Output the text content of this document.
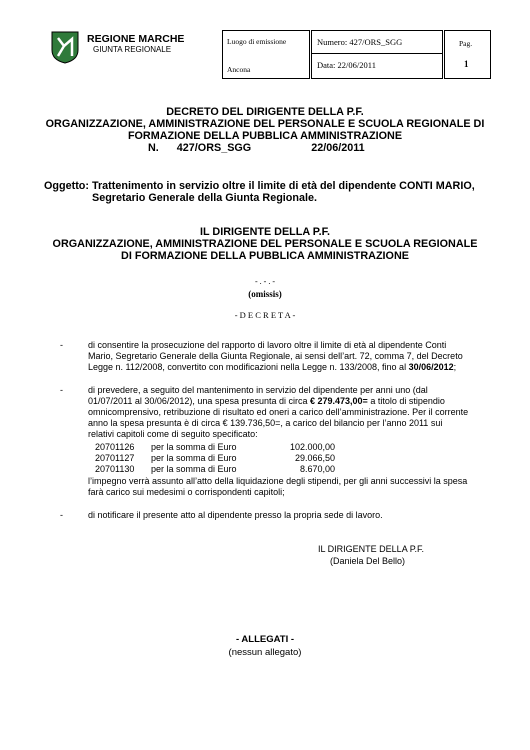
REGIONE MARCHE
GIUNTA REGIONALE
Luogo di emissione
Ancona
Numero: 427/ORS_SGG
Data: 22/06/2011
Pag.
1
DECRETO DEL DIRIGENTE DELLA P.F.
ORGANIZZAZIONE, AMMINISTRAZIONE DEL PERSONALE E SCUOLA REGIONALE DI
FORMAZIONE DELLA PUBBLICA AMMINISTRAZIONE
N.      427/ORS_SGG                    22/06/2011
Oggetto: Trattenimento in servizio oltre il limite di età del dipendente CONTI MARIO,
Segretario Generale della Giunta Regionale.
IL DIRIGENTE DELLA P.F.
ORGANIZZAZIONE, AMMINISTRAZIONE DEL PERSONALE E SCUOLA REGIONALE
DI FORMAZIONE DELLA PUBBLICA AMMINISTRAZIONE
- . - . -
(omissis)
- D E C R E T A -
-	di consentire la prosecuzione del rapporto di lavoro oltre il limite di età al dipendente Conti
Mario, Segretario Generale della Giunta Regionale, ai sensi dell’art. 72, comma 7, del Decreto
Legge n. 112/2008, convertito con modificazioni nella Legge n. 133/2008, fino al 30/06/2012;
-	di prevedere, a seguito del mantenimento in servizio del dipendente per anni uno (dal
01/07/2011 al 30/06/2012), una spesa presunta di circa € 279.473,00= a titolo di stipendio
omnicomprensivo, retribuzione di risultato ed oneri a carico dell’amministrazione. Per il corrente
anno la spesa presunta è di circa € 139.736,50=, a carico del bilancio per l’anno 2011 sui
relativi capitoli come di seguito specificato:
20701126 per la somma di Euro	102.000,00
20701127 per la somma di Euro	29.066,50
20701130 per la somma di Euro	8.670,00
l’impegno verrà assunto all’atto della liquidazione degli stipendi, per gli anni successivi la spesa
farà carico sui medesimi o corrispondenti capitoli;
-	di notificare il presente atto al dipendente presso la propria sede di lavoro.
IL DIRIGENTE DELLA P.F.
(Daniela Del Bello)
- ALLEGATI -
(nessun allegato)
